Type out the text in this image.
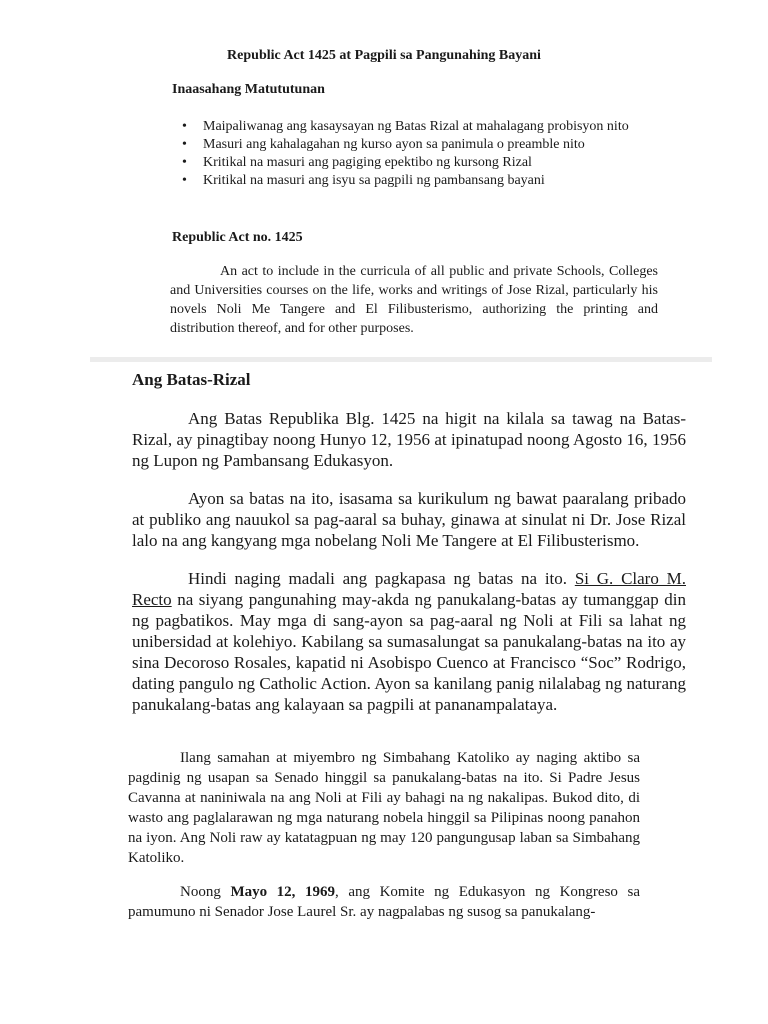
Republic Act 1425 at Pagpili sa Pangunahing Bayani
Inaasahang Matututunan
• Maipaliwanag ang kasaysayan ng Batas Rizal at mahalagang probisyon nito
• Masuri ang kahalagahan ng kurso ayon sa panimula o preamble nito
• Kritikal na masuri ang pagiging epektibo ng kursong Rizal
• Kritikal na masuri ang isyu sa pagpili ng pambansang bayani
Republic Act no. 1425
An act to include in the curricula of all public and private Schools, Colleges and Universities courses on the life, works and writings of Jose Rizal, particularly his novels Noli Me Tangere and El Filibusterismo, authorizing the printing and distribution thereof, and for other purposes.
Ang Batas-Rizal
Ang Batas Republika Blg. 1425 na higit na kilala sa tawag na Batas-Rizal, ay pinagtibay noong Hunyo 12, 1956 at ipinatupad noong Agosto 16, 1956 ng Lupon ng Pambansang Edukasyon.
Ayon sa batas na ito, isasama sa kurikulum ng bawat paaralang pribado at publiko ang nauukol sa pag-aaral sa buhay, ginawa at sinulat ni Dr. Jose Rizal lalo na ang kangyang mga nobelang Noli Me Tangere at El Filibusterismo.
Hindi naging madali ang pagkapasa ng batas na ito. Si G. Claro M. Recto na siyang pangunahing may-akda ng panukalang-batas ay tumanggap din ng pagbatikos. May mga di sang-ayon sa pag-aaral ng Noli at Fili sa lahat ng unibersidad at kolehiyo. Kabilang sa sumasalungat sa panukalang-batas na ito ay sina Decoroso Rosales, kapatid ni Asobispo Cuenco at Francisco “Soc” Rodrigo, dating pangulo ng Catholic Action. Ayon sa kanilang panig nilalabag ng naturang panukalang-batas ang kalayaan sa pagpili at pananampalataya.
Ilang samahan at miyembro ng Simbahang Katoliko ay naging aktibo sa pagdinig ng usapan sa Senado hinggil sa panukalang-batas na ito. Si Padre Jesus Cavanna at naniniwala na ang Noli at Fili ay bahagi na ng nakalipas. Bukod dito, di wasto ang paglalarawan ng mga naturang nobela hinggil sa Pilipinas noong panahon na iyon. Ang Noli raw ay katatagpuan ng may 120 pangungusap laban sa Simbahang Katoliko.
Noong Mayo 12, 1969, ang Komite ng Edukasyon ng Kongreso sa pamumuno ni Senador Jose Laurel Sr. ay nagpalabas ng susog sa panukalang-
